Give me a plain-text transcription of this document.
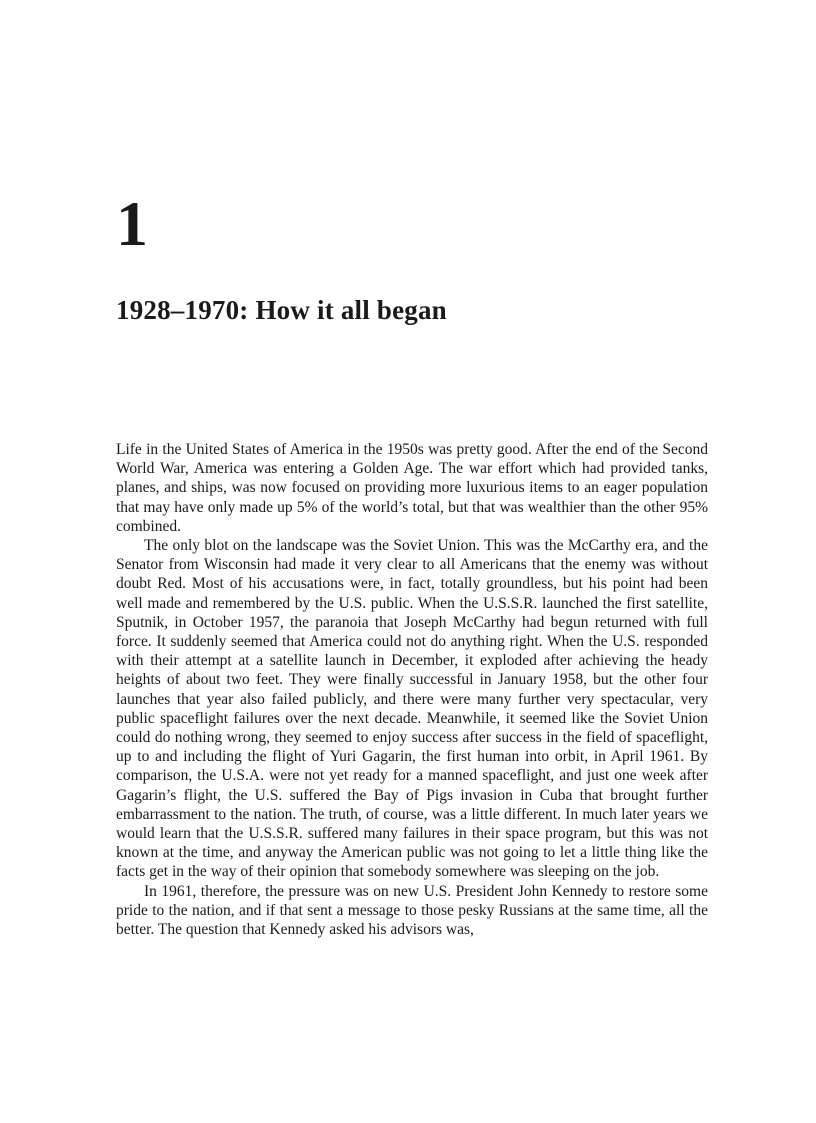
1
1928–1970: How it all began

Life in the United States of America in the 1950s was pretty good. After the end of the Second World War, America was entering a Golden Age. The war effort which had provided tanks, planes, and ships, was now focused on providing more luxurious items to an eager population that may have only made up 5% of the world’s total, but that was wealthier than the other 95% combined.

The only blot on the landscape was the Soviet Union. This was the McCarthy era, and the Senator from Wisconsin had made it very clear to all Americans that the enemy was without doubt Red. Most of his accusations were, in fact, totally groundless, but his point had been well made and remembered by the U.S. public. When the U.S.S.R. launched the first satellite, Sputnik, in October 1957, the paranoia that Joseph McCarthy had begun returned with full force. It suddenly seemed that America could not do anything right. When the U.S. responded with their attempt at a satellite launch in December, it exploded after achieving the heady heights of about two feet. They were finally successful in January 1958, but the other four launches that year also failed publicly, and there were many further very spectacular, very public spaceflight failures over the next decade. Meanwhile, it seemed like the Soviet Union could do nothing wrong, they seemed to enjoy success after success in the field of spaceflight, up to and including the flight of Yuri Gagarin, the first human into orbit, in April 1961. By comparison, the U.S.A. were not yet ready for a manned spaceflight, and just one week after Gagarin’s flight, the U.S. suffered the Bay of Pigs invasion in Cuba that brought further embarrassment to the nation. The truth, of course, was a little different. In much later years we would learn that the U.S.S.R. suffered many failures in their space program, but this was not known at the time, and anyway the American public was not going to let a little thing like the facts get in the way of their opinion that somebody somewhere was sleeping on the job.

In 1961, therefore, the pressure was on new U.S. President John Kennedy to restore some pride to the nation, and if that sent a message to those pesky Russians at the same time, all the better. The question that Kennedy asked his advisors was,
